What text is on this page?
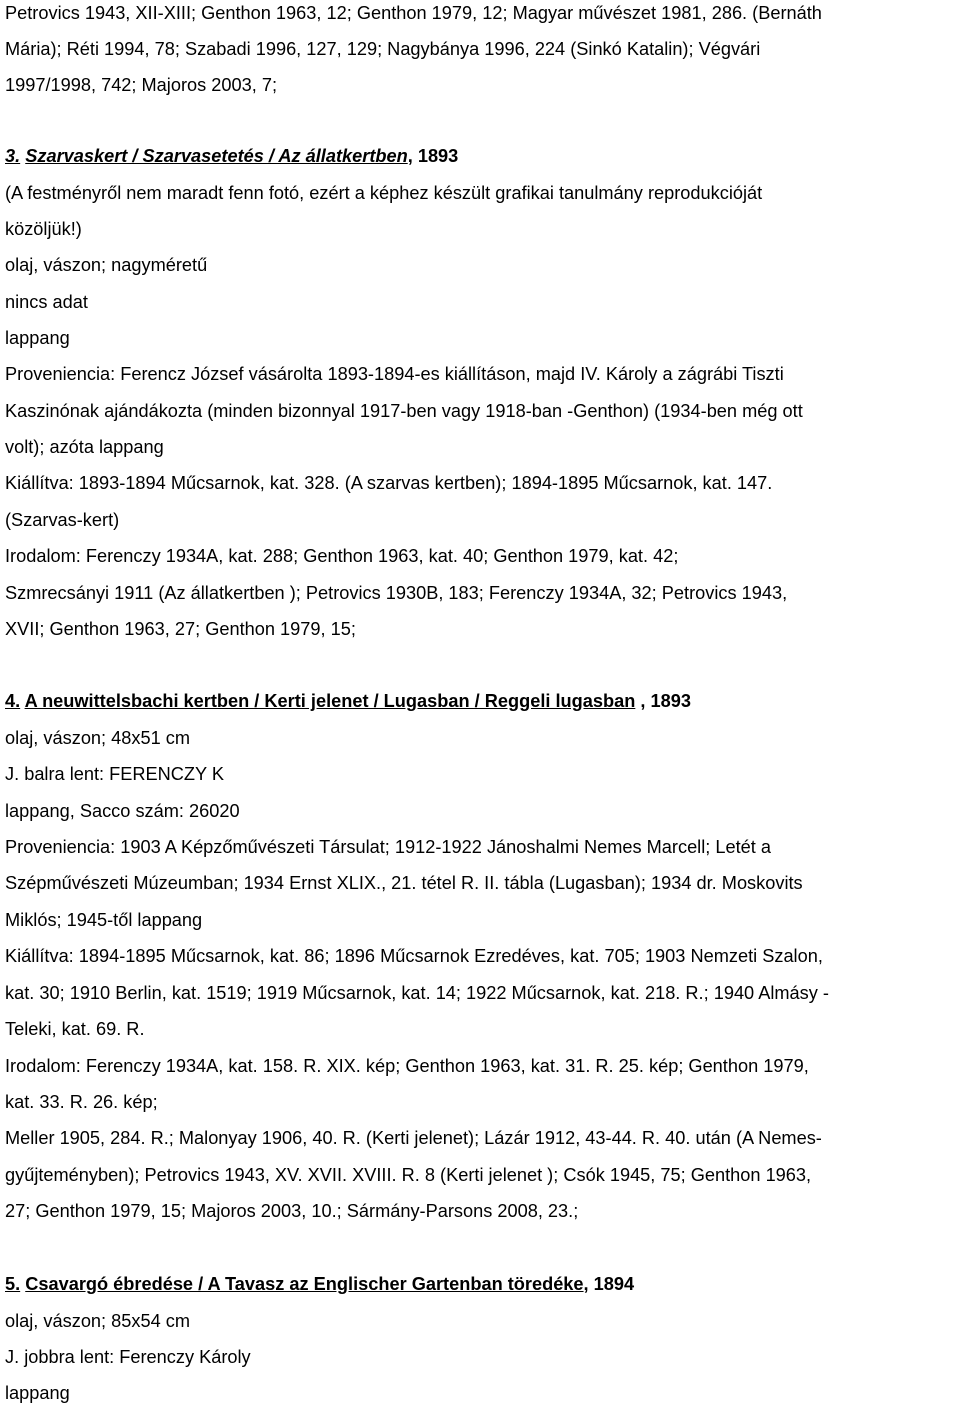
Petrovics 1943, XII-XIII; Genthon 1963, 12; Genthon 1979, 12; Magyar művészet 1981, 286. (Bernáth
Mária); Réti 1994, 78; Szabadi 1996, 127, 129; Nagybánya 1996, 224 (Sinkó Katalin); Végvári
1997/1998, 742; Majoros 2003, 7;
3. Szarvaskert / Szarvasetetés / Az állatkertben, 1893
(A festményről nem maradt fenn fotó, ezért a képhez készült grafikai tanulmány reprodukcióját
közöljük!)
olaj, vászon; nagyméretű
nincs adat
lappang
Proveniencia: Ferencz József vásárolta 1893-1894-es kiállításon, majd IV. Károly a zágrábi Tiszti
Kaszinónak ajándákozta (minden bizonnyal 1917-ben vagy 1918-ban -Genthon) (1934-ben még ott
volt); azóta lappang
Kiállítva: 1893-1894 Műcsarnok, kat. 328. (A szarvas kertben); 1894-1895 Műcsarnok, kat. 147.
(Szarvas-kert)
Irodalom: Ferenczy 1934A, kat. 288; Genthon 1963, kat. 40; Genthon 1979, kat. 42;
Szmrecsányi 1911 (Az állatkertben ); Petrovics 1930B, 183; Ferenczy 1934A, 32; Petrovics 1943,
XVII; Genthon 1963, 27; Genthon 1979, 15;
4. A neuwittelsbachi kertben / Kerti jelenet / Lugasban / Reggeli lugasban , 1893
olaj, vászon; 48x51 cm
J. balra lent: FERENCZY K
lappang, Sacco szám: 26020
Proveniencia: 1903 A Képzőművészeti Társulat; 1912-1922 Jánoshalmi Nemes Marcell; Letét a
Szépművészeti Múzeumban; 1934 Ernst XLIX., 21. tétel R. II. tábla (Lugasban); 1934 dr. Moskovits
Miklós; 1945-től lappang
Kiállítva: 1894-1895 Műcsarnok, kat. 86; 1896 Műcsarnok Ezredéves, kat. 705; 1903 Nemzeti Szalon,
kat. 30; 1910 Berlin, kat. 1519; 1919 Műcsarnok, kat. 14; 1922 Műcsarnok, kat. 218. R.; 1940 Almásy -
Teleki, kat. 69. R.
Irodalom: Ferenczy 1934A, kat. 158. R. XIX. kép; Genthon 1963, kat. 31. R. 25. kép; Genthon 1979,
kat. 33. R. 26. kép;
Meller 1905, 284. R.; Malonyay 1906, 40. R. (Kerti jelenet); Lázár 1912, 43-44. R. 40. után (A Nemes-
gyűjteményben); Petrovics 1943, XV. XVII. XVIII. R. 8 (Kerti jelenet ); Csók 1945, 75; Genthon 1963,
27; Genthon 1979, 15; Majoros 2003, 10.; Sármány-Parsons 2008, 23.;
5. Csavargó ébredése / A Tavasz az Englischer Gartenban töredéke, 1894
olaj, vászon; 85x54 cm
J. jobbra lent: Ferenczy Károly
lappang
